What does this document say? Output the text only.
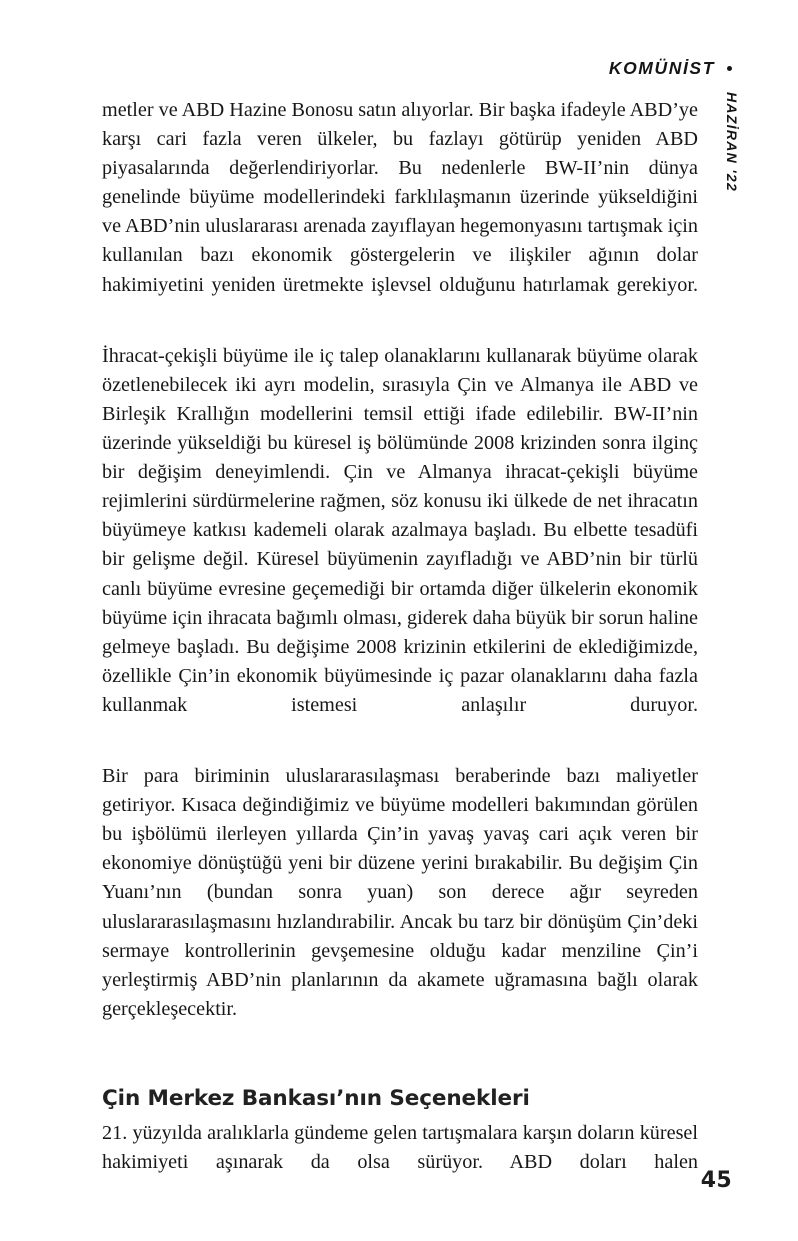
KOMÜNİST
HAZİRAN '22

metler ve ABD Hazine Bonosu satın alıyorlar. Bir başka ifadeyle ABD’ye karşı cari fazla veren ülkeler, bu fazlayı götürüp yeniden ABD piyasalarında değerlendiriyorlar. Bu nedenlerle BW-II’nin dünya genelinde büyüme modellerindeki farklılaşmanın üzerinde yükseldiğini ve ABD’nin uluslararası arenada zayıflayan hegemonyasını tartışmak için kullanılan bazı ekonomik göstergelerin ve ilişkiler ağının dolar hakimiyetini yeniden üretmekte işlevsel olduğunu hatırlamak gerekiyor.

İhracat-çekişli büyüme ile iç talep olanaklarını kullanarak büyüme olarak özetlenebilecek iki ayrı modelin, sırasıyla Çin ve Almanya ile ABD ve Birleşik Krallığın modellerini temsil ettiği ifade edilebilir. BW-II’nin üzerinde yükseldiği bu küresel iş bölümünde 2008 krizinden sonra ilginç bir değişim deneyimlendi. Çin ve Almanya ihracat-çekişli büyüme rejimlerini sürdürmelerine rağmen, söz konusu iki ülkede de net ihracatın büyümeye katkısı kademeli olarak azalmaya başladı. Bu elbette tesadüfi bir gelişme değil. Küresel büyümenin zayıfladığı ve ABD’nin bir türlü canlı büyüme evresine geçemediği bir ortamda diğer ülkelerin ekonomik büyüme için ihracata bağımlı olması, giderek daha büyük bir sorun haline gelmeye başladı. Bu değişime 2008 krizinin etkilerini de eklediğimizde, özellikle Çin’in ekonomik büyümesinde iç pazar olanaklarını daha fazla kullanmak istemesi anlaşılır duruyor.

Bir para biriminin uluslararasılaşması beraberinde bazı maliyetler getiriyor. Kısaca değindiğimiz ve büyüme modelleri bakımından görülen bu işbölümü ilerleyen yıllarda Çin’in yavaş yavaş cari açık veren bir ekonomiye dönüştüğü yeni bir düzene yerini bırakabilir. Bu değişim Çin Yuanı’nın (bundan sonra yuan) son derece ağır seyreden uluslararasılaşmasını hızlandırabilir. Ancak bu tarz bir dönüşüm Çin’deki sermaye kontrollerinin gevşemesine olduğu kadar menziline Çin’i yerleştirmiş ABD’nin planlarının da akamete uğramasına bağlı olarak gerçekleşecektir.

Çin Merkez Bankası’nın Seçenekleri

21. yüzyılda aralıklarla gündeme gelen tartışmalara karşın doların küresel hakimiyeti aşınarak da olsa sürüyor. ABD doları halen

45
